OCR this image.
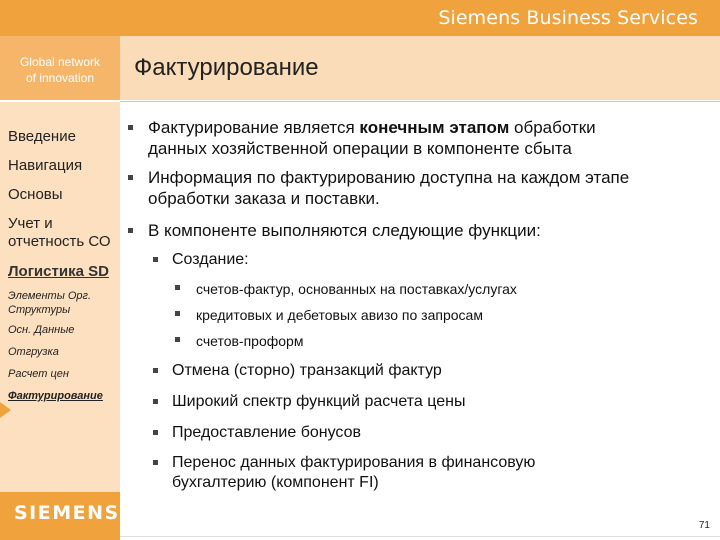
Siemens Business Services
Global network
of innovation	Фактурирование
Введение
Навигация
Основы
Учет и
отчетность СО
Логистика SD
Элементы Орг.
Структуры
Осн. Данные
Отгрузка
Расчет цен
Фактурирование
SIEMENS
Фактурирование является конечным этапом обработки
данных хозяйственной операции в компоненте сбыта
Информация по фактурированию доступна на каждом этапе
обработки заказа и поставки.
В компоненте выполняются следующие функции:
Создание:
счетов-фактур, основанных на поставках/услугах
кредитовых и дебетовых авизо по запросам
счетов-проформ
Отмена (сторно) транзакций фактур
Широкий спектр функций расчета цены
Предоставление бонусов
Перенос данных фактурирования в финансовую
бухгалтерию (компонент FI)
71
